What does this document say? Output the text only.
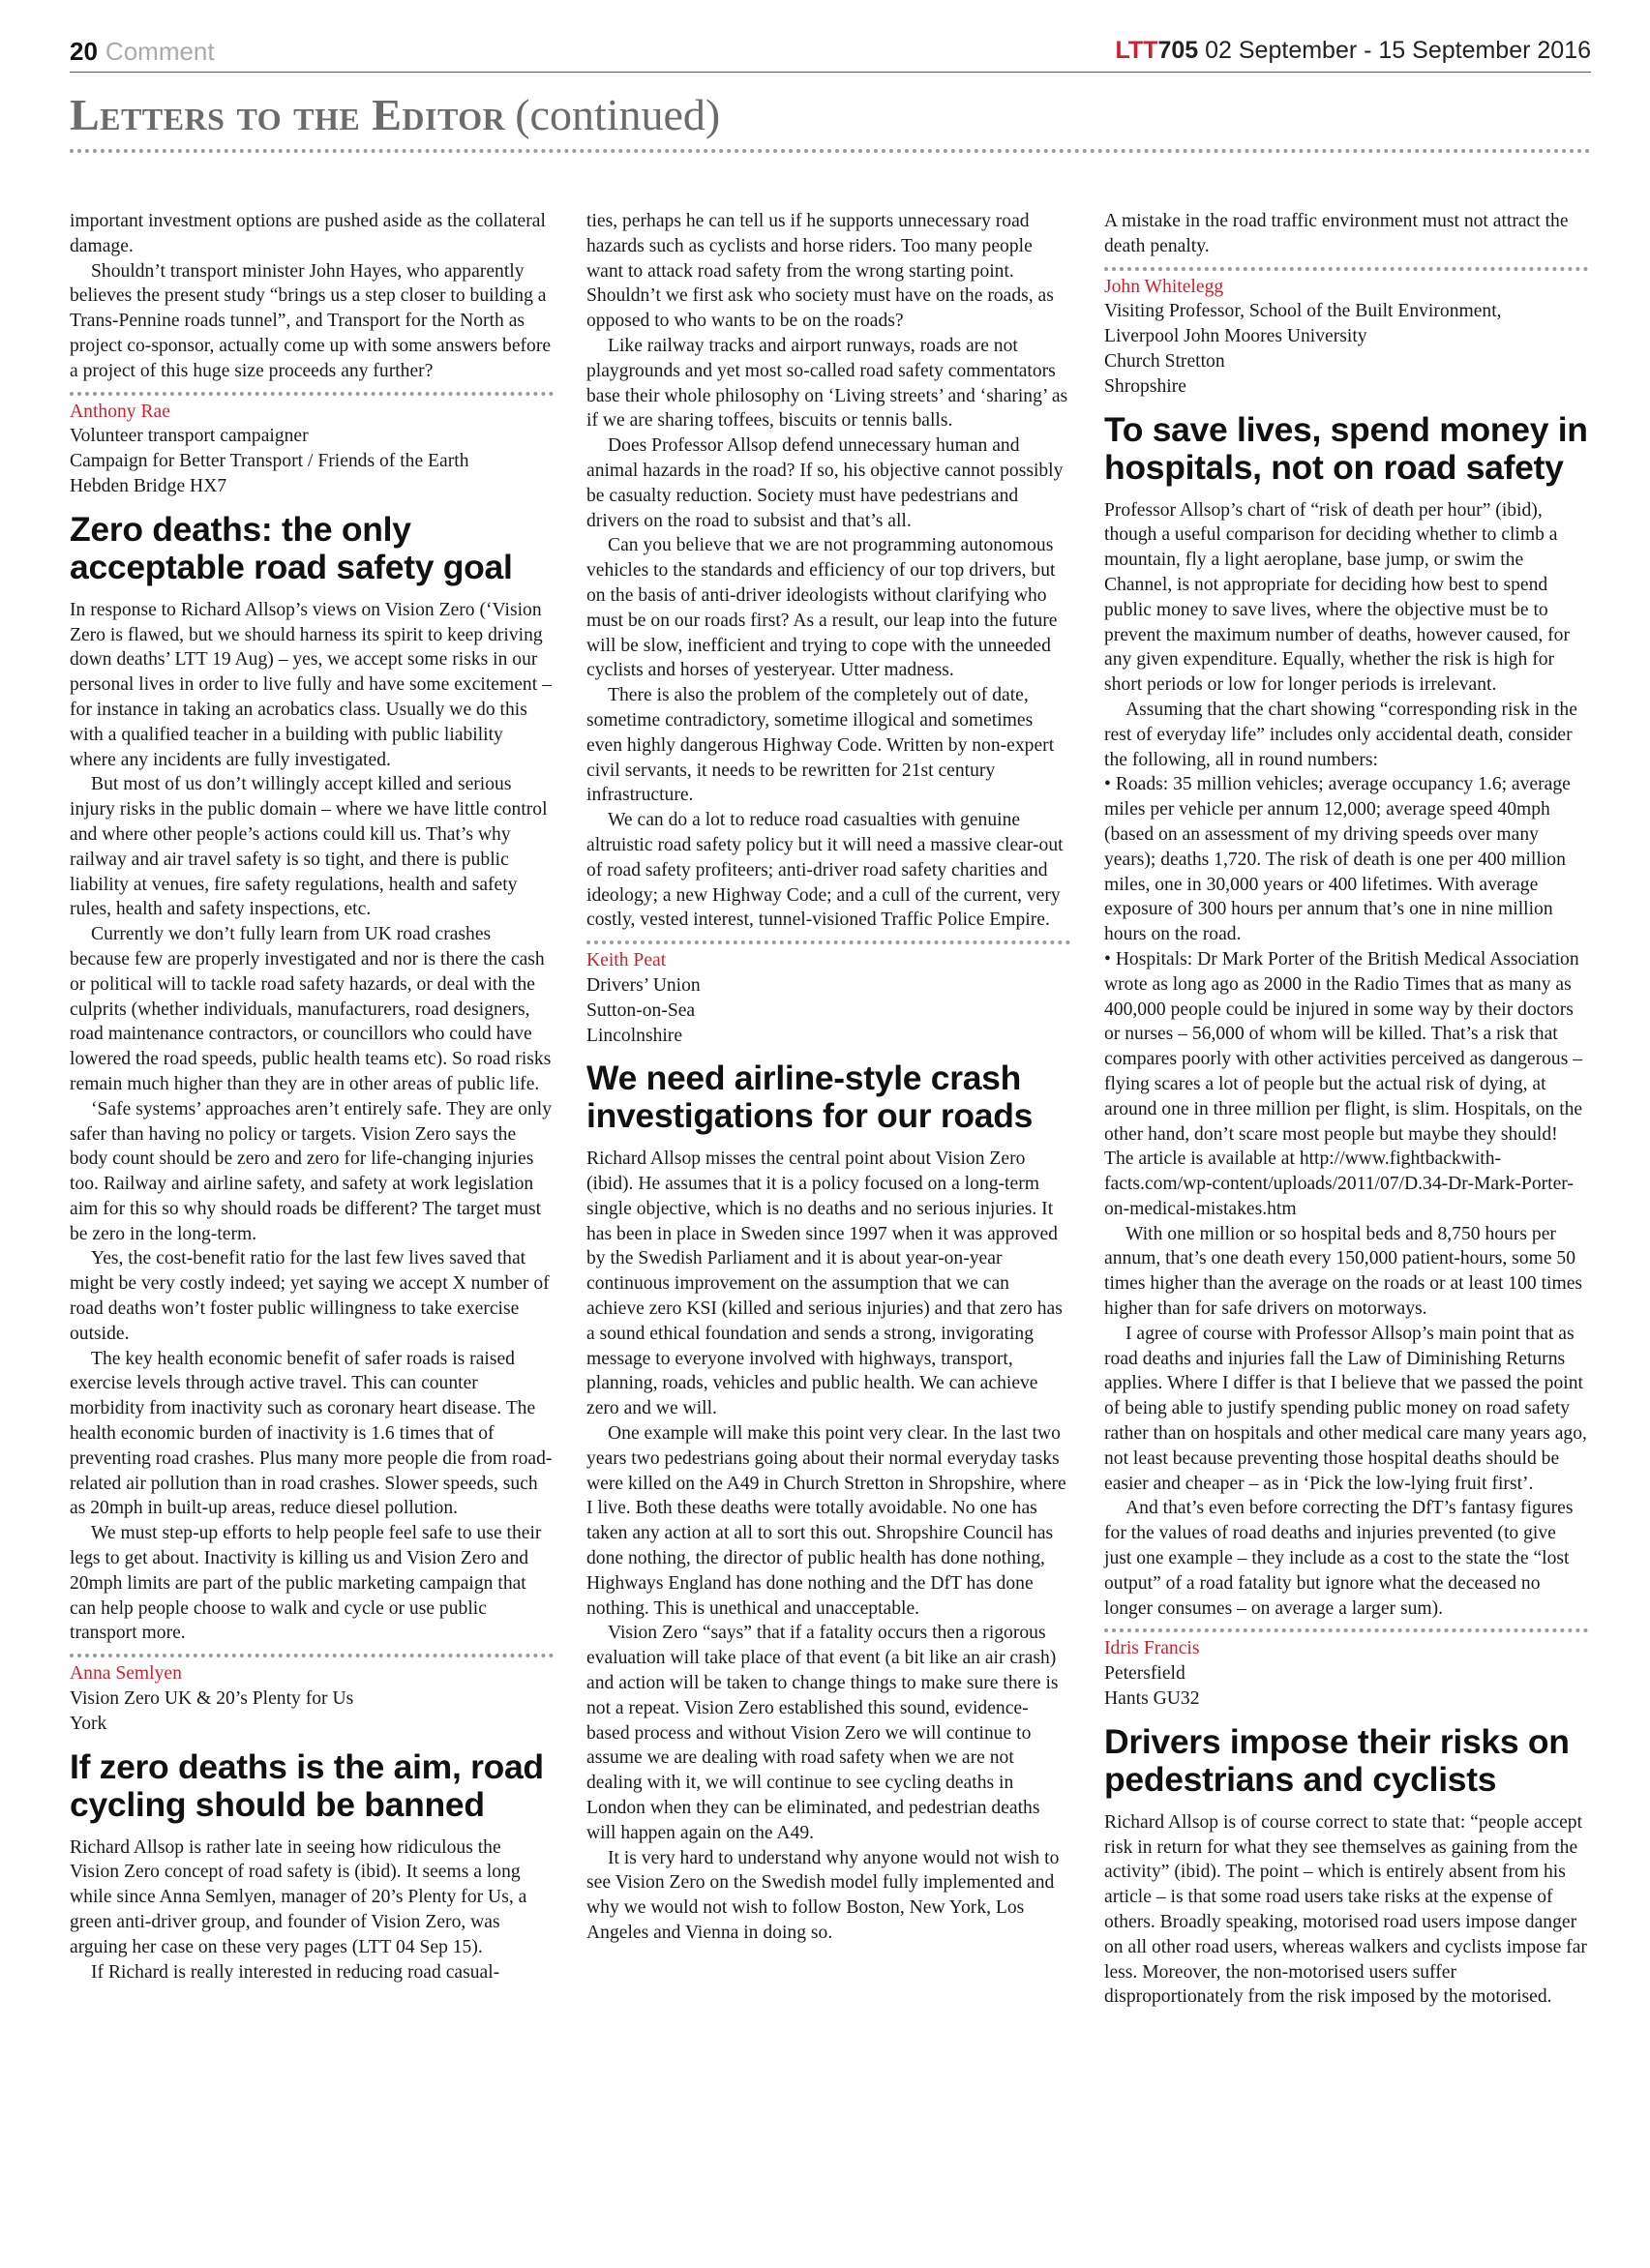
20 Comment	LTT705 02 September - 15 September 2016
Letters to the Editor (continued)

important investment options are pushed aside as the collateral damage.

Shouldn’t transport minister John Hayes, who apparently believes the present study “brings us a step closer to building a Trans-Pennine roads tunnel”, and Transport for the North as project co-sponsor, actually come up with some answers before a project of this huge size proceeds any further?

Anthony Rae
Volunteer transport campaigner
Campaign for Better Transport / Friends of the Earth
Hebden Bridge HX7
Zero deaths: the only acceptable road safety goal

In response to Richard Allsop’s views on Vision Zero (‘Vision Zero is flawed, but we should harness its spirit to keep driving down deaths’ LTT 19 Aug) – yes, we accept some risks in our personal lives in order to live fully and have some excitement – for instance in taking an acrobatics class. Usually we do this with a qualified teacher in a building with public liability where any incidents are fully investigated.

But most of us don’t willingly accept killed and serious injury risks in the public domain – where we have little control and where other people’s actions could kill us. That’s why railway and air travel safety is so tight, and there is public liability at venues, fire safety regulations, health and safety rules, health and safety inspections, etc.

Currently we don’t fully learn from UK road crashes because few are properly investigated and nor is there the cash or political will to tackle road safety hazards, or deal with the culprits (whether individuals, manufacturers, road designers, road maintenance contractors, or councillors who could have lowered the road speeds, public health teams etc). So road risks remain much higher than they are in other areas of public life.

‘Safe systems’ approaches aren’t entirely safe. They are only safer than having no policy or targets. Vision Zero says the body count should be zero and zero for life-changing injuries too. Railway and airline safety, and safety at work legislation aim for this so why should roads be different? The target must be zero in the long-term.

Yes, the cost-benefit ratio for the last few lives saved that might be very costly indeed; yet saying we accept X number of road deaths won’t foster public willingness to take exercise outside.

The key health economic benefit of safer roads is raised exercise levels through active travel. This can counter morbidity from inactivity such as coronary heart disease. The health economic burden of inactivity is 1.6 times that of preventing road crashes. Plus many more people die from road-related air pollution than in road crashes. Slower speeds, such as 20mph in built-up areas, reduce diesel pollution.

We must step-up efforts to help people feel safe to use their legs to get about. Inactivity is killing us and Vision Zero and 20mph limits are part of the public marketing campaign that can help people choose to walk and cycle or use public transport more.

Anna Semlyen
Vision Zero UK & 20’s Plenty for Us
York
If zero deaths is the aim, road cycling should be banned

Richard Allsop is rather late in seeing how ridiculous the Vision Zero concept of road safety is (ibid). It seems a long while since Anna Semlyen, manager of 20’s Plenty for Us, a green anti-driver group, and founder of Vision Zero, was arguing her case on these very pages (LTT 04 Sep 15).

If Richard is really interested in reducing road casual-

ties, perhaps he can tell us if he supports unnecessary road hazards such as cyclists and horse riders. Too many people want to attack road safety from the wrong starting point. Shouldn’t we first ask who society must have on the roads, as opposed to who wants to be on the roads?

Like railway tracks and airport runways, roads are not playgrounds and yet most so-called road safety commentators base their whole philosophy on ‘Living streets’ and ‘sharing’ as if we are sharing toffees, biscuits or tennis balls.

Does Professor Allsop defend unnecessary human and animal hazards in the road? If so, his objective cannot possibly be casualty reduction. Society must have pedestrians and drivers on the road to subsist and that’s all.

Can you believe that we are not programming autonomous vehicles to the standards and efficiency of our top drivers, but on the basis of anti-driver ideologists without clarifying who must be on our roads first? As a result, our leap into the future will be slow, inefficient and trying to cope with the unneeded cyclists and horses of yesteryear. Utter madness.

There is also the problem of the completely out of date, sometime contradictory, sometime illogical and sometimes even highly dangerous Highway Code. Written by non-expert civil servants, it needs to be rewritten for 21st century infrastructure.

We can do a lot to reduce road casualties with genuine altruistic road safety policy but it will need a massive clear-out of road safety profiteers; anti-driver road safety charities and ideology; a new Highway Code; and a cull of the current, very costly, vested interest, tunnel-visioned Traffic Police Empire.

Keith Peat
Drivers’ Union
Sutton-on-Sea
Lincolnshire
We need airline-style crash investigations for our roads

Richard Allsop misses the central point about Vision Zero (ibid). He assumes that it is a policy focused on a long-term single objective, which is no deaths and no serious injuries. It has been in place in Sweden since 1997 when it was approved by the Swedish Parliament and it is about year-on-year continuous improvement on the assumption that we can achieve zero KSI (killed and serious injuries) and that zero has a sound ethical foundation and sends a strong, invigorating message to everyone involved with highways, transport, planning, roads, vehicles and public health. We can achieve zero and we will.

One example will make this point very clear. In the last two years two pedestrians going about their normal everyday tasks were killed on the A49 in Church Stretton in Shropshire, where I live. Both these deaths were totally avoidable. No one has taken any action at all to sort this out. Shropshire Council has done nothing, the director of public health has done nothing, Highways England has done nothing and the DfT has done nothing. This is unethical and unacceptable.

Vision Zero “says” that if a fatality occurs then a rigorous evaluation will take place of that event (a bit like an air crash) and action will be taken to change things to make sure there is not a repeat. Vision Zero established this sound, evidence-based process and without Vision Zero we will continue to assume we are dealing with road safety when we are not dealing with it, we will continue to see cycling deaths in London when they can be eliminated, and pedestrian deaths will happen again on the A49.

It is very hard to understand why anyone would not wish to see Vision Zero on the Swedish model fully implemented and why we would not wish to follow Boston, New York, Los Angeles and Vienna in doing so.

A mistake in the road traffic environment must not attract the death penalty.

John Whitelegg
Visiting Professor, School of the Built Environment,
Liverpool John Moores University
Church Stretton
Shropshire
To save lives, spend money in hospitals, not on road safety

Professor Allsop’s chart of “risk of death per hour” (ibid), though a useful comparison for deciding whether to climb a mountain, fly a light aeroplane, base jump, or swim the Channel, is not appropriate for deciding how best to spend public money to save lives, where the objective must be to prevent the maximum number of deaths, however caused, for any given expenditure. Equally, whether the risk is high for short periods or low for longer periods is irrelevant.

Assuming that the chart showing “corresponding risk in the rest of everyday life” includes only accidental death, consider the following, all in round numbers:

• Roads: 35 million vehicles; average occupancy 1.6; average miles per vehicle per annum 12,000; average speed 40mph (based on an assessment of my driving speeds over many years); deaths 1,720. The risk of death is one per 400 million miles, one in 30,000 years or 400 lifetimes. With average exposure of 300 hours per annum that’s one in nine million hours on the road.

• Hospitals: Dr Mark Porter of the British Medical Association wrote as long ago as 2000 in the Radio Times that as many as 400,000 people could be injured in some way by their doctors or nurses – 56,000 of whom will be killed. That’s a risk that compares poorly with other activities perceived as dangerous – flying scares a lot of people but the actual risk of dying, at around one in three million per flight, is slim. Hospitals, on the other hand, don’t scare most people but maybe they should! The article is available at http://www.fightbackwith-facts.com/wp-content/uploads/2011/07/D.34-Dr-Mark-Porter-on-medical-mistakes.htm

With one million or so hospital beds and 8,750 hours per annum, that’s one death every 150,000 patient-hours, some 50 times higher than the average on the roads or at least 100 times higher than for safe drivers on motorways.

I agree of course with Professor Allsop’s main point that as road deaths and injuries fall the Law of Diminishing Returns applies. Where I differ is that I believe that we passed the point of being able to justify spending public money on road safety rather than on hospitals and other medical care many years ago, not least because preventing those hospital deaths should be easier and cheaper – as in ‘Pick the low-lying fruit first’.

And that’s even before correcting the DfT’s fantasy figures for the values of road deaths and injuries prevented (to give just one example – they include as a cost to the state the “lost output” of a road fatality but ignore what the deceased no longer consumes – on average a larger sum).

Idris Francis
Petersfield
Hants GU32
Drivers impose their risks on pedestrians and cyclists

Richard Allsop is of course correct to state that: “people accept risk in return for what they see themselves as gaining from the activity” (ibid). The point – which is entirely absent from his article – is that some road users take risks at the expense of others. Broadly speaking, motorised road users impose danger on all other road users, whereas walkers and cyclists impose far less. Moreover, the non-motorised users suffer disproportionately from the risk imposed by the motorised.
